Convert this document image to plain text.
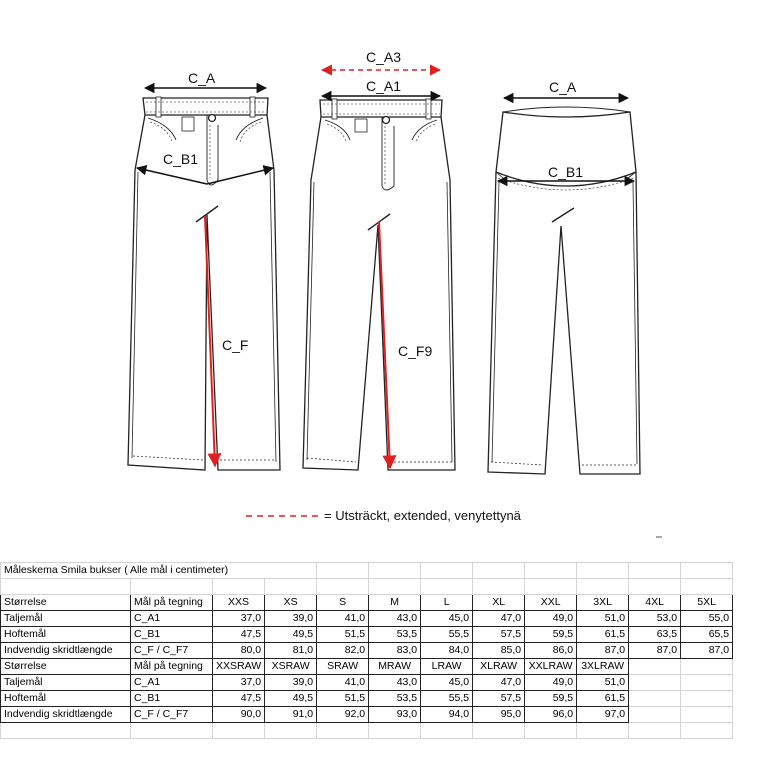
C_A
C_B1
C_F
C_A3
C_A1
C_F9
C_A
C_B1
= Utsträckt, extended, venytettynä
Måleskema Smila bukser ( Alle mål i centimeter)											

Størrelse	Mål på tegning	XXS	XS	S	M	L	XL	XXL	3XL	4XL	5XL
Taljemål	C_A1	37,0	39,0	41,0	43,0	45,0	47,0	49,0	51,0	53,0	55,0
Hoftemål	C_B1	47,5	49,5	51,5	53,5	55,5	57,5	59,5	61,5	63,5	65,5
Indvendig skridtlængde	C_F / C_F7	80,0	81,0	82,0	83,0	84,0	85,0	86,0	87,0	87,0	87,0
Størrelse	Mål på tegning	XXSRAW	XSRAW	SRAW	MRAW	LRAW	XLRAW	XXLRAW	3XLRAW		
Taljemål	C_A1	37,0	39,0	41,0	43,0	45,0	47,0	49,0	51,0		
Hoftemål	C_B1	47,5	49,5	51,5	53,5	55,5	57,5	59,5	61,5		
Indvendig skridtlængde	C_F / C_F7	90,0	91,0	92,0	93,0	94,0	95,0	96,0	97,0		
